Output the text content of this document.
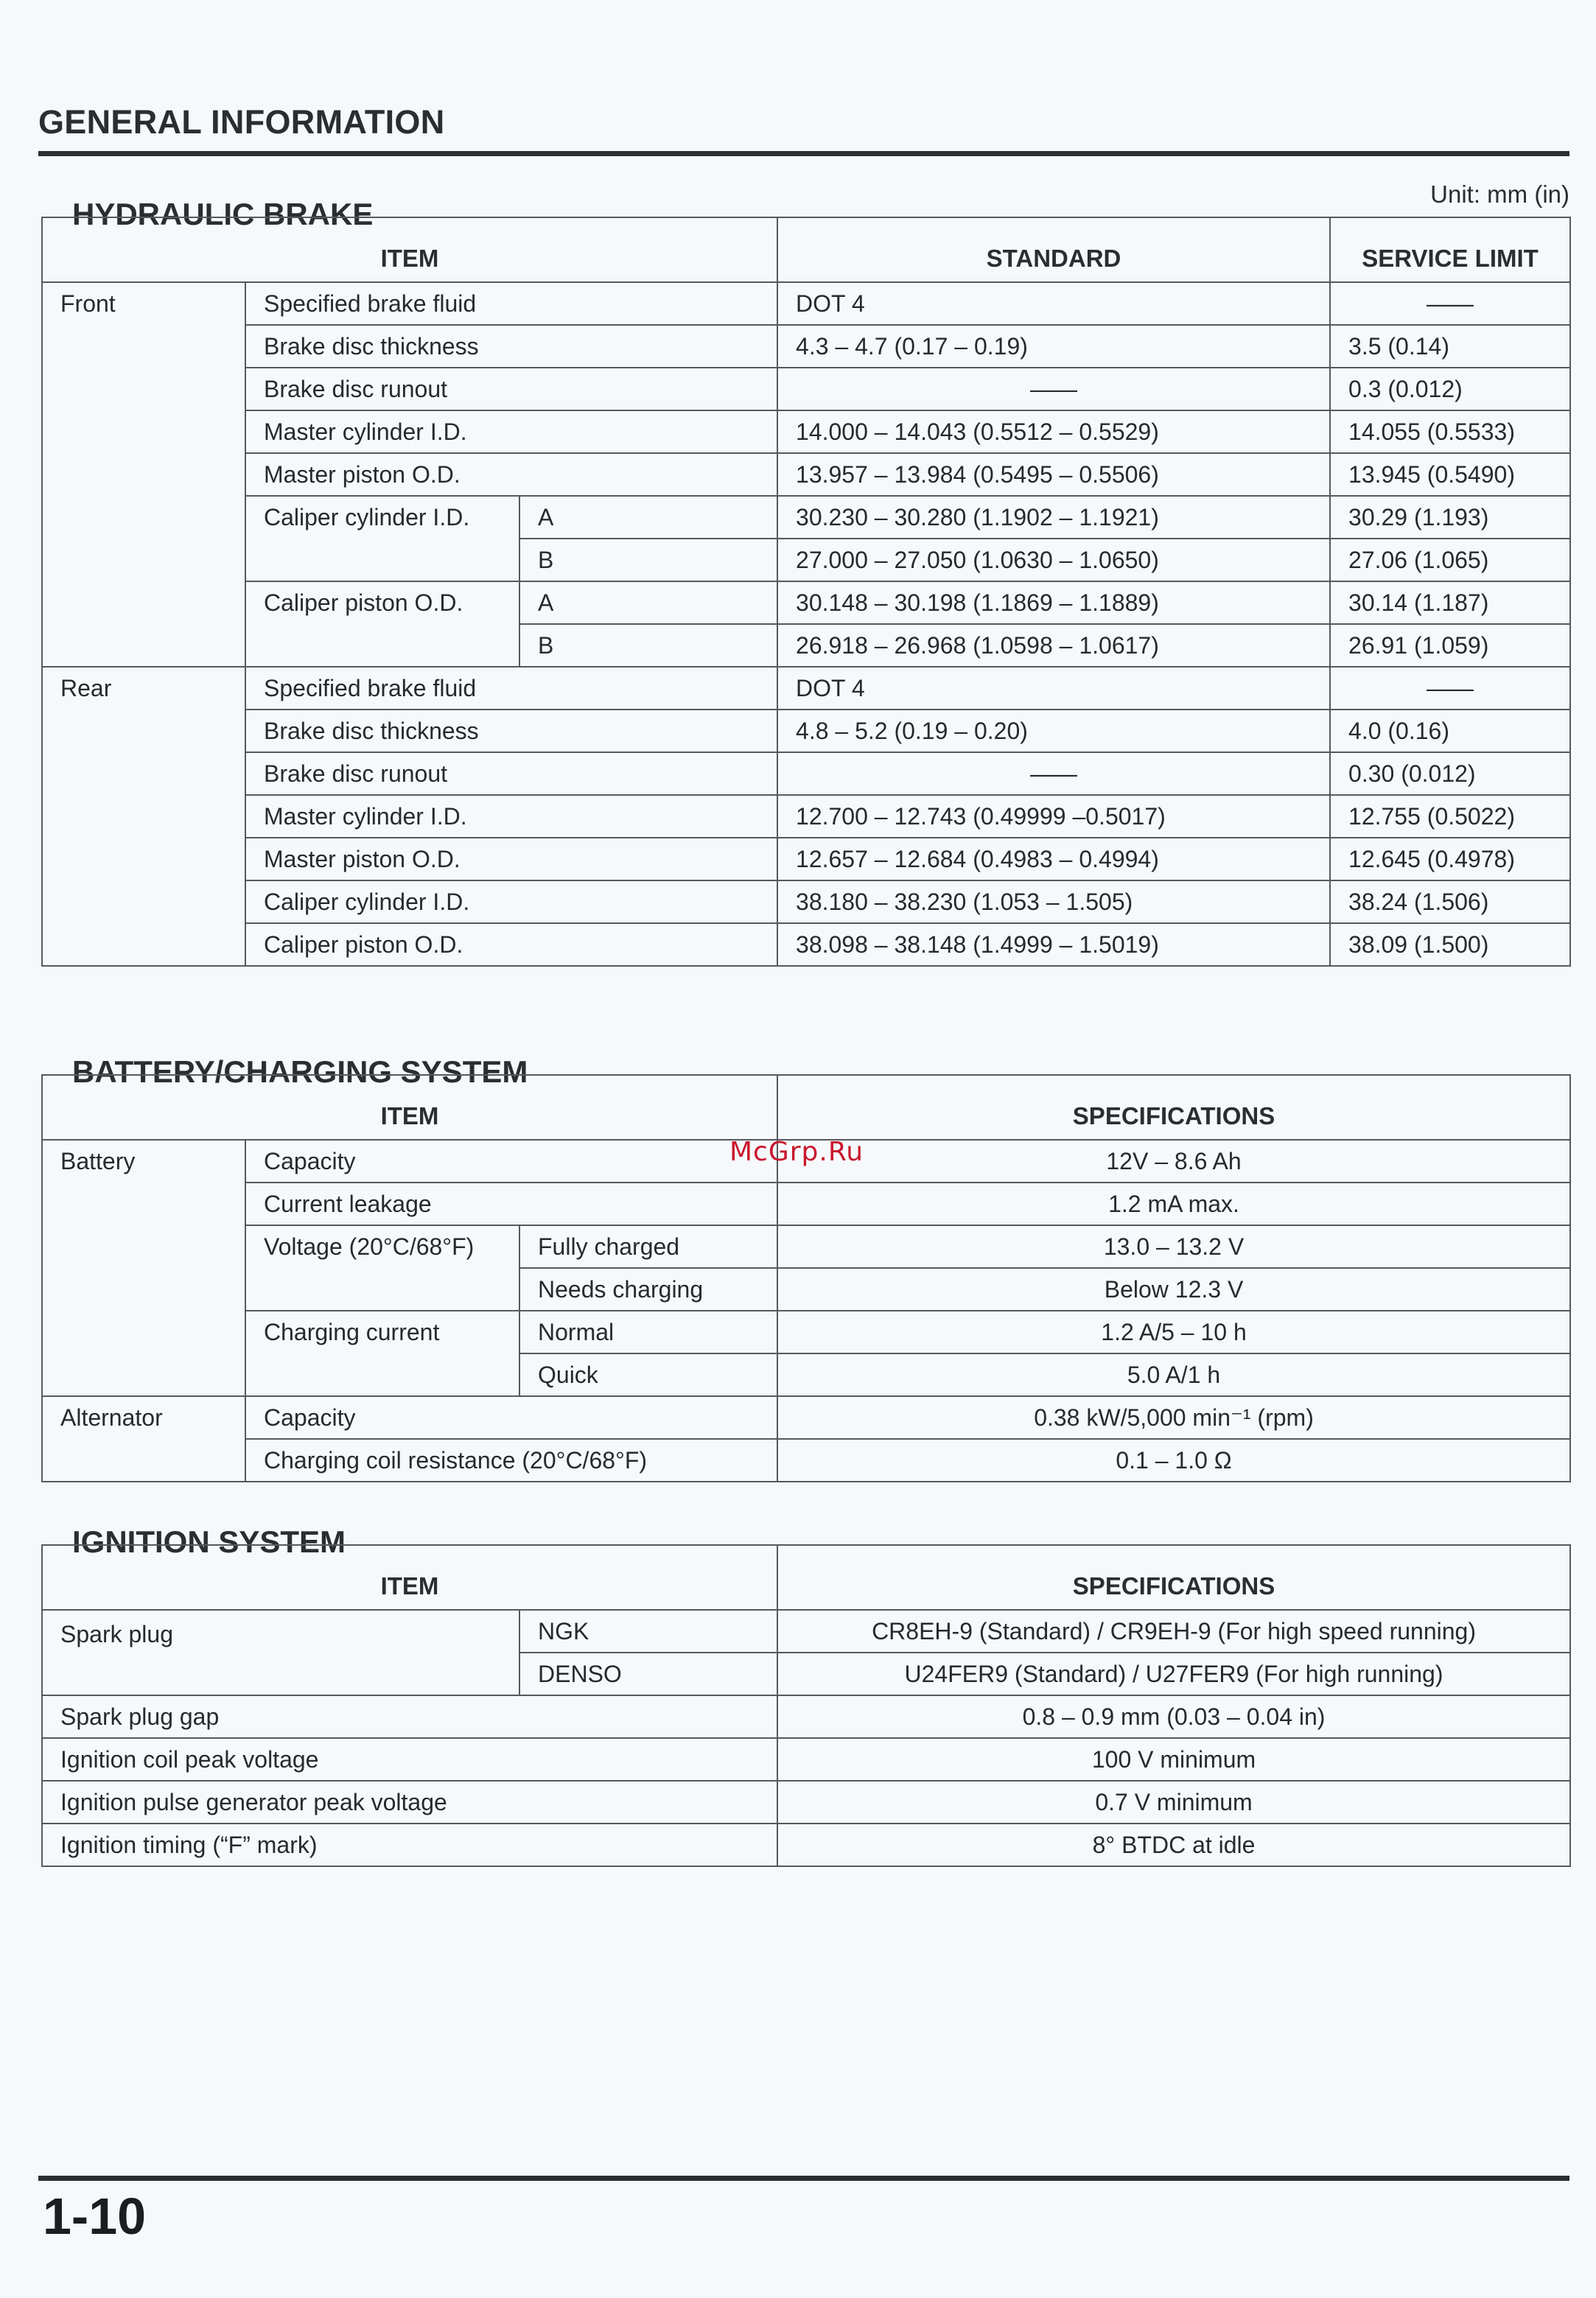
GENERAL INFORMATION
Unit: mm (in)
HYDRAULIC BRAKE
ITEM			STANDARD	SERVICE LIMIT
Front	Specified brake fluid		DOT 4	——
	Brake disc thickness		4.3 – 4.7 (0.17 – 0.19)	3.5 (0.14)
	Brake disc runout		——	0.3 (0.012)
	Master cylinder I.D.		14.000 – 14.043 (0.5512 – 0.5529)	14.055 (0.5533)
	Master piston O.D.		13.957 – 13.984 (0.5495 – 0.5506)	13.945 (0.5490)
	Caliper cylinder I.D.	A	30.230 – 30.280 (1.1902 – 1.1921)	30.29 (1.193)
		B	27.000 – 27.050 (1.0630 – 1.0650)	27.06 (1.065)
	Caliper piston O.D.	A	30.148 – 30.198 (1.1869 – 1.1889)	30.14 (1.187)
		B	26.918 – 26.968 (1.0598 – 1.0617)	26.91 (1.059)
Rear	Specified brake fluid		DOT 4	——
	Brake disc thickness		4.8 – 5.2 (0.19 – 0.20)	4.0 (0.16)
	Brake disc runout		——	0.30 (0.012)
	Master cylinder I.D.		12.700 – 12.743 (0.49999 –0.5017)	12.755 (0.5022)
	Master piston O.D.		12.657 – 12.684 (0.4983 – 0.4994)	12.645 (0.4978)
	Caliper cylinder I.D.		38.180 – 38.230 (1.053 – 1.505)	38.24 (1.506)
	Caliper piston O.D.		38.098 – 38.148 (1.4999 – 1.5019)	38.09 (1.500)
BATTERY/CHARGING SYSTEM
ITEM			SPECIFICATIONS
Battery	Capacity		12V – 8.6 Ah
	Current leakage		1.2 mA max.
	Voltage (20°C/68°F)	Fully charged	13.0 – 13.2 V
		Needs charging	Below 12.3 V
	Charging current	Normal	1.2 A/5 – 10 h
		Quick	5.0 A/1 h
Alternator	Capacity		0.38 kW/5,000 min⁻¹ (rpm)
	Charging coil resistance (20°C/68°F)		0.1 – 1.0 Ω
IGNITION SYSTEM
ITEM		SPECIFICATIONS
Spark plug	NGK	CR8EH-9 (Standard) / CR9EH-9 (For high speed running)
	DENSO	U24FER9 (Standard) / U27FER9 (For high running)
Spark plug gap		0.8 – 0.9 mm (0.03 – 0.04 in)
Ignition coil peak voltage		100 V minimum
Ignition pulse generator peak voltage		0.7 V minimum
Ignition timing (“F” mark)		8° BTDC at idle
McGrp.Ru
1-10
